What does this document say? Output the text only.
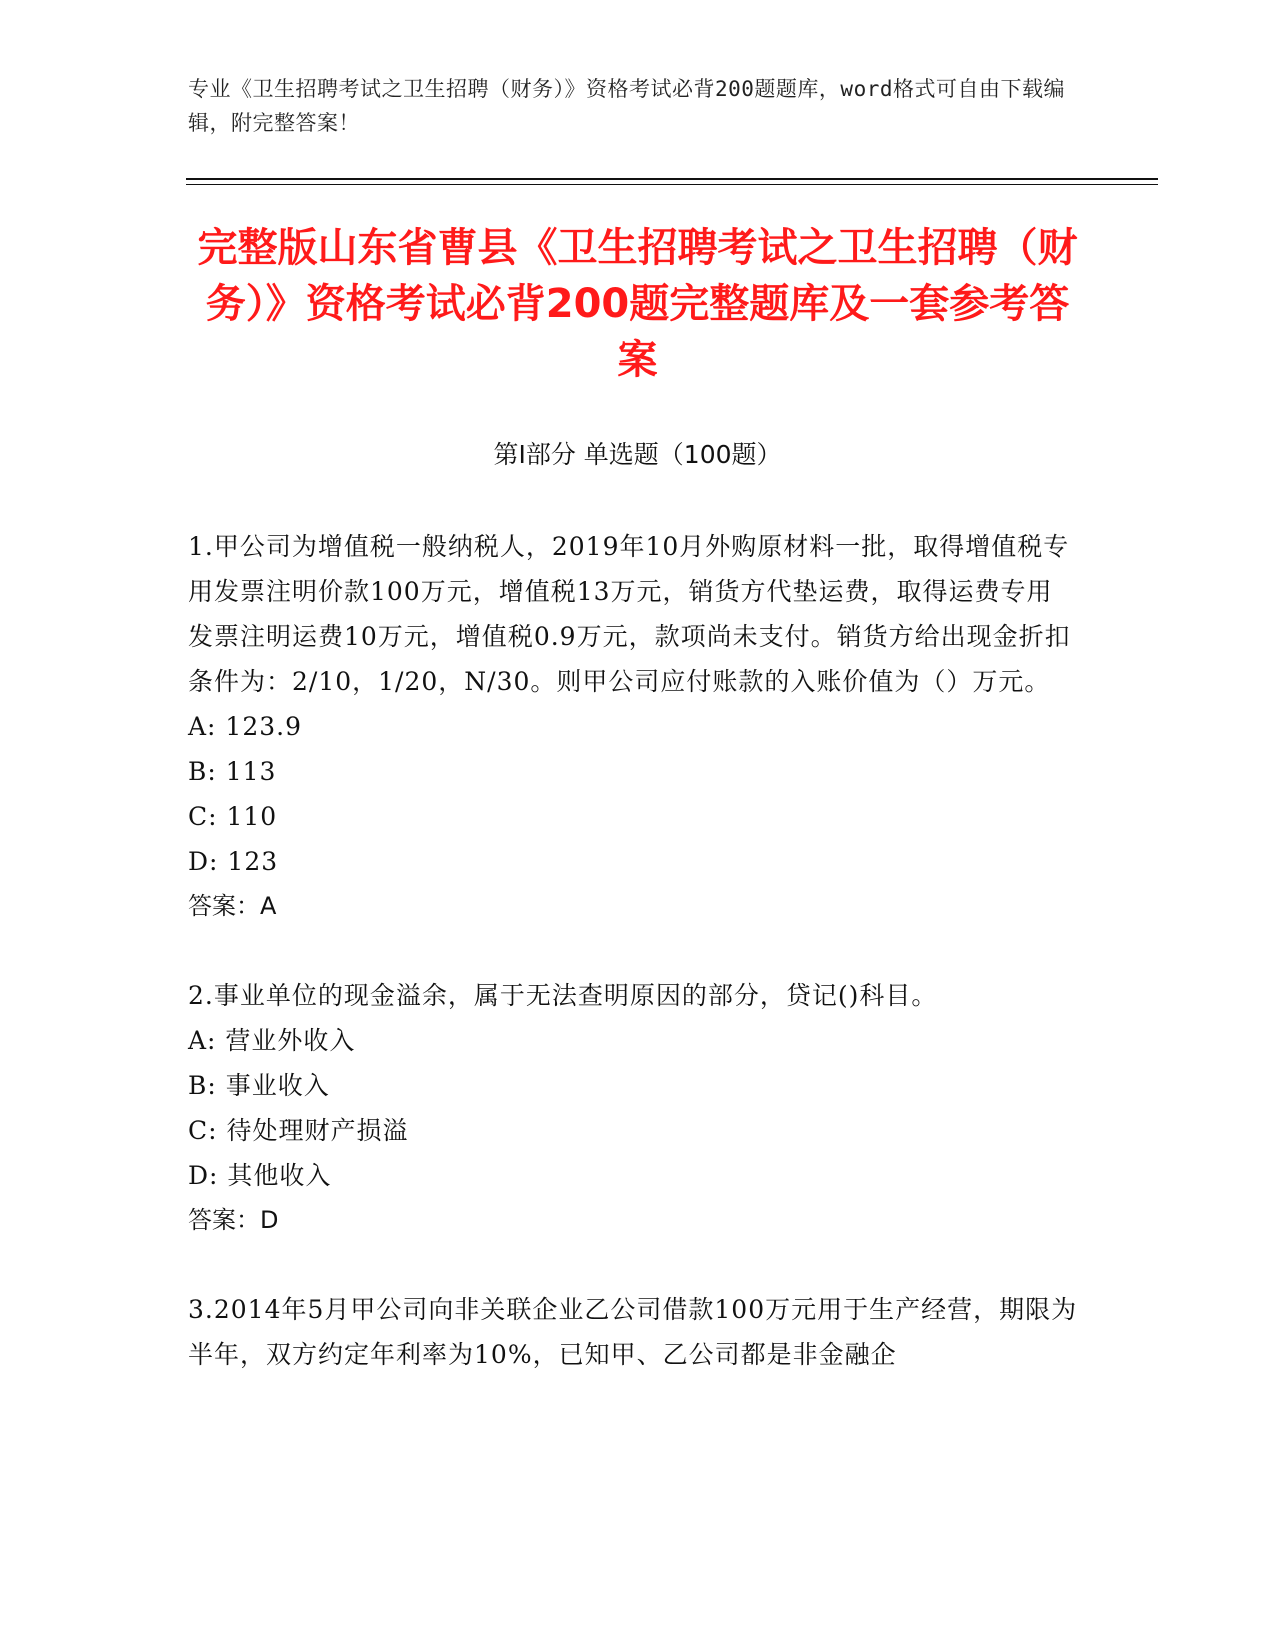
专业《卫生招聘考试之卫生招聘（财务）》资格考试必背200题题库，word格式可自由下载编辑，附完整答案！
完整版山东省曹县《卫生招聘考试之卫生招聘（财务）》资格考试必背200题完整题库及一套参考答案
第I部分 单选题（100题）

1.甲公司为增值税一般纳税人，2019年10月外购原材料一批，取得增值税专用发票注明价款100万元，增值税13万元，销货方代垫运费，取得运费专用发票注明运费10万元，增值税0.9万元，款项尚未支付。销货方给出现金折扣条件为：2/10，1/20，N/30。则甲公司应付账款的入账价值为（）万元。

A: 123.9

B: 113

C: 110

D: 123

答案：A

2.事业单位的现金溢余，属于无法查明原因的部分，贷记()科目。

A: 营业外收入

B: 事业收入

C: 待处理财产损溢

D: 其他收入

答案：D

3.2014年5月甲公司向非关联企业乙公司借款100万元用于生产经营，期限为半年，双方约定年利率为10%，已知甲、乙公司都是非金融企
